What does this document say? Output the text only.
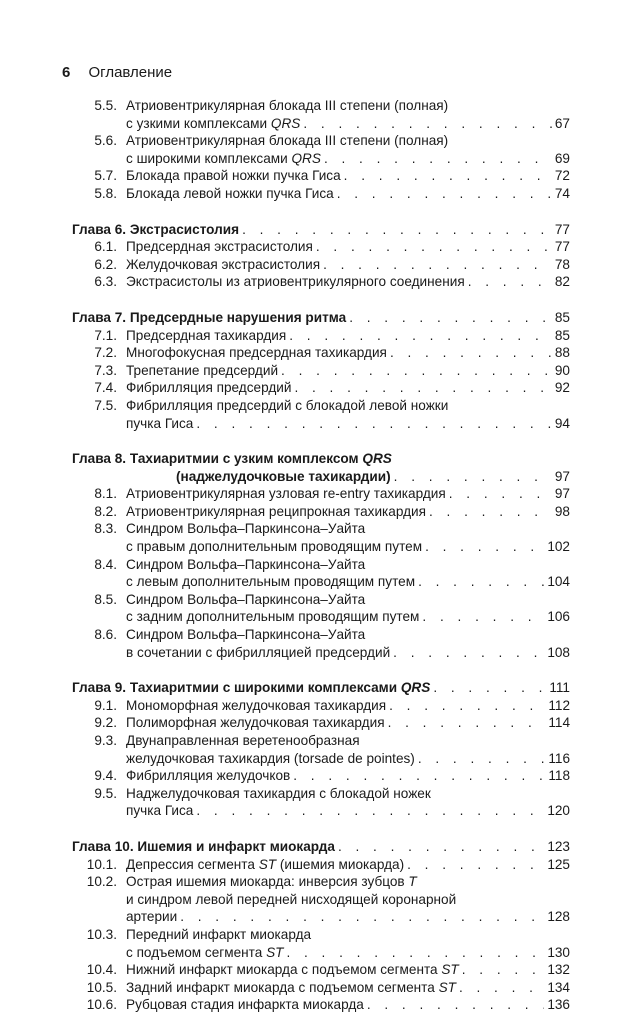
6 Оглавление
5.5. Атриовентрикулярная блокада III степени (полная)
с узкими комплексами QRS . . .	67
5.6. Атриовентрикулярная блокада III степени (полная)
с широкими комплексами QRS . . .	69
5.7. Блокада правой ножки пучка Гиса . . .	72
5.8. Блокада левой ножки пучка Гиса . . .	74
Глава 6. Экстрасистолия . . .	77
6.1. Предсердная экстрасистолия . . .	77
6.2. Желудочковая экстрасистолия . . .	78
6.3. Экстрасистолы из атриовентрикулярного соединения . . .	82
Глава 7. Предсердные нарушения ритма . . .	85
7.1. Предсердная тахикардия . . .	85
7.2. Многофокусная предсердная тахикардия . . .	88
7.3. Трепетание предсердий . . .	90
7.4. Фибрилляция предсердий . . .	92
7.5. Фибрилляция предсердий с блокадой левой ножки
пучка Гиса . . .	94
Глава 8. Тахиаритмии с узким комплексом QRS
(наджелудочковые тахикардии) . . .	97
8.1. Атриовентрикулярная узловая re-entry тахикардия . . .	97
8.2. Атриовентрикулярная реципрокная тахикардия . . .	98
8.3. Синдром Вольфа–Паркинсона–Уайта
с правым дополнительным проводящим путем . . .	102
8.4. Синдром Вольфа–Паркинсона–Уайта
с левым дополнительным проводящим путем . . .	104
8.5. Синдром Вольфа–Паркинсона–Уайта
с задним дополнительным проводящим путем . . .	106
8.6. Синдром Вольфа–Паркинсона–Уайта
в сочетании с фибрилляцией предсердий . . .	108
Глава 9. Тахиаритмии с широкими комплексами QRS . . .	111
9.1. Мономорфная желудочковая тахикардия . . .	112
9.2. Полиморфная желудочковая тахикардия . . .	114
9.3. Двунаправленная веретенообразная
желудочковая тахикардия (torsade de pointes) . . .	116
9.4. Фибрилляция желудочков . . .	118
9.5. Наджелудочковая тахикардия с блокадой ножек
пучка Гиса . . .	120
Глава 10. Ишемия и инфаркт миокарда . . .	123
10.1. Депрессия сегмента ST (ишемия миокарда) . . .	125
10.2. Острая ишемия миокарда: инверсия зубцов T
и синдром левой передней нисходящей коронарной
артерии . . .	128
10.3. Передний инфаркт миокарда
с подъемом сегмента ST . . .	130
10.4. Нижний инфаркт миокарда с подъемом сегмента ST . . .	132
10.5. Задний инфаркт миокарда с подъемом сегмента ST . . .	134
10.6. Рубцовая стадия инфаркта миокарда . . .	136
